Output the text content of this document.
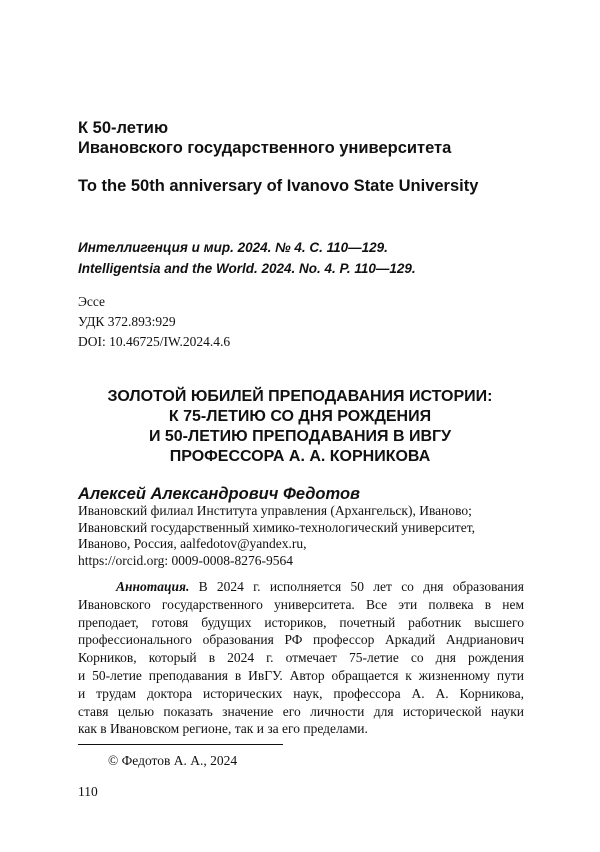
К 50-летию
Ивановского государственного университета
To the 50th anniversary of Ivanovo State University
Интеллигенция и мир. 2024. № 4. С. 110—129.
Intelligentsia and the World. 2024. No. 4. P. 110—129.
Эссе
УДК 372.893:929
DOI: 10.46725/IW.2024.4.6
ЗОЛОТОЙ ЮБИЛЕЙ ПРЕПОДАВАНИЯ ИСТОРИИ:
К 75-ЛЕТИЮ СО ДНЯ РОЖДЕНИЯ
И 50-ЛЕТИЮ ПРЕПОДАВАНИЯ В ИВГУ
ПРОФЕССОРА А. А. КОРНИКОВА
Алексей Александрович Федотов
Ивановский филиал Института управления (Архангельск), Иваново;
Ивановский государственный химико-технологический университет,
Иваново, Россия, aalfedotov@yandex.ru,
https://orcid.org: 0009-0008-8276-9564
Аннотация. В 2024 г. исполняется 50 лет со дня образования
Ивановского государственного университета. Все эти полвека в нем
преподает, готовя будущих историков, почетный работник высшего
профессионального образования РФ профессор Аркадий Андрианович
Корников, который в 2024 г. отмечает 75-летие со дня рождения
и 50-летие преподавания в ИвГУ. Автор обращается к жизненному пути
и трудам доктора исторических наук, профессора А. А. Корникова,
ставя целью показать значение его личности для исторической науки
как в Ивановском регионе, так и за его пределами.
© Федотов А. А., 2024
110
